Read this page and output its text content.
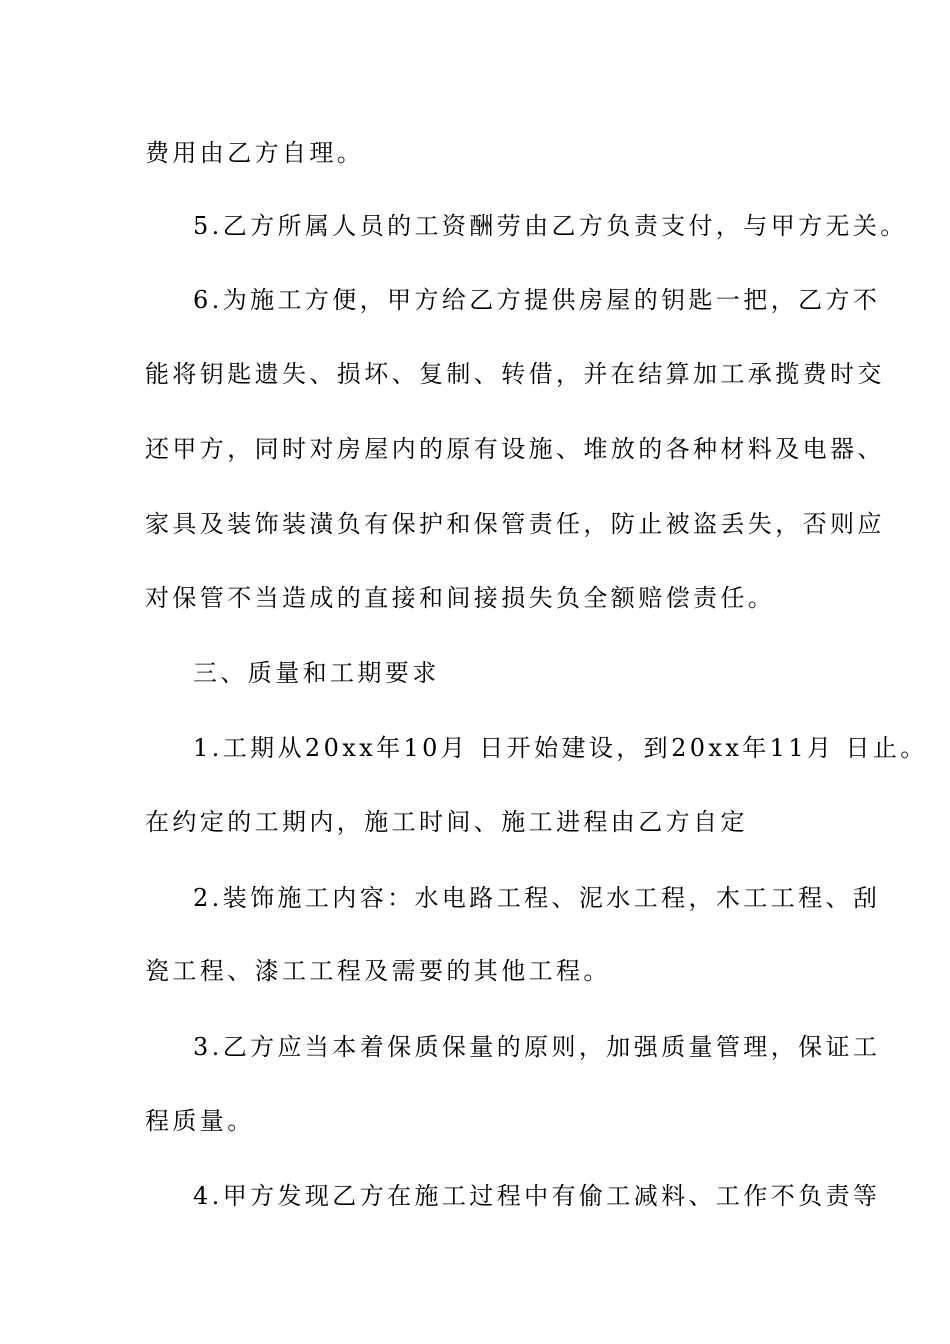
费用由乙方自理。
5.乙方所属人员的工资酬劳由乙方负责支付，与甲方无关。
6.为施工方便，甲方给乙方提供房屋的钥匙一把，乙方不
能将钥匙遗失、损坏、复制、转借，并在结算加工承揽费时交
还甲方，同时对房屋内的原有设施、堆放的各种材料及电器、
家具及装饰装潢负有保护和保管责任，防止被盗丢失，否则应
对保管不当造成的直接和间接损失负全额赔偿责任。
三、质量和工期要求
1.工期从20xx年10月 日开始建设，到20xx年11月 日止。
在约定的工期内，施工时间、施工进程由乙方自定
2.装饰施工内容：水电路工程、泥水工程，木工工程、刮
瓷工程、漆工工程及需要的其他工程。
3.乙方应当本着保质保量的原则，加强质量管理，保证工
程质量。
4.甲方发现乙方在施工过程中有偷工减料、工作不负责等
